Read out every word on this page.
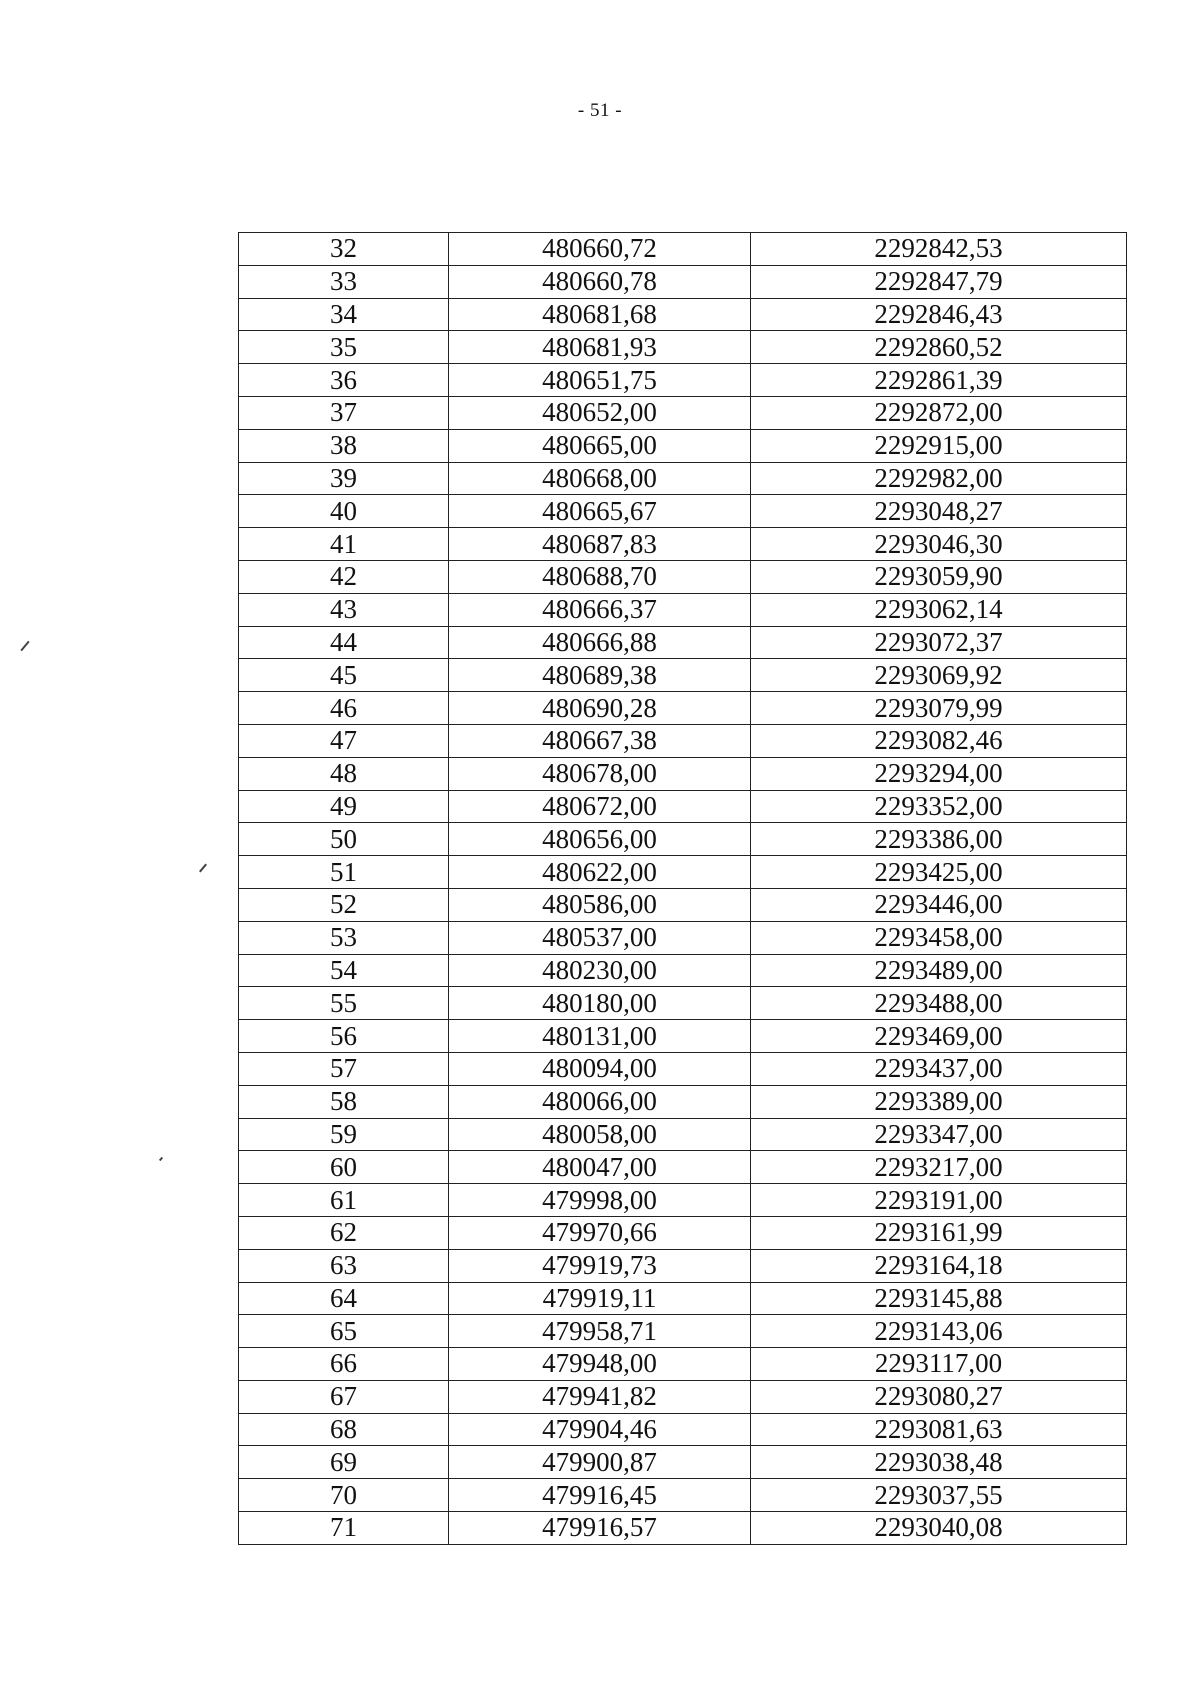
- 51 -
32	480660,72	2292842,53
33	480660,78	2292847,79
34	480681,68	2292846,43
35	480681,93	2292860,52
36	480651,75	2292861,39
37	480652,00	2292872,00
38	480665,00	2292915,00
39	480668,00	2292982,00
40	480665,67	2293048,27
41	480687,83	2293046,30
42	480688,70	2293059,90
43	480666,37	2293062,14
44	480666,88	2293072,37
45	480689,38	2293069,92
46	480690,28	2293079,99
47	480667,38	2293082,46
48	480678,00	2293294,00
49	480672,00	2293352,00
50	480656,00	2293386,00
51	480622,00	2293425,00
52	480586,00	2293446,00
53	480537,00	2293458,00
54	480230,00	2293489,00
55	480180,00	2293488,00
56	480131,00	2293469,00
57	480094,00	2293437,00
58	480066,00	2293389,00
59	480058,00	2293347,00
60	480047,00	2293217,00
61	479998,00	2293191,00
62	479970,66	2293161,99
63	479919,73	2293164,18
64	479919,11	2293145,88
65	479958,71	2293143,06
66	479948,00	2293117,00
67	479941,82	2293080,27
68	479904,46	2293081,63
69	479900,87	2293038,48
70	479916,45	2293037,55
71	479916,57	2293040,08
